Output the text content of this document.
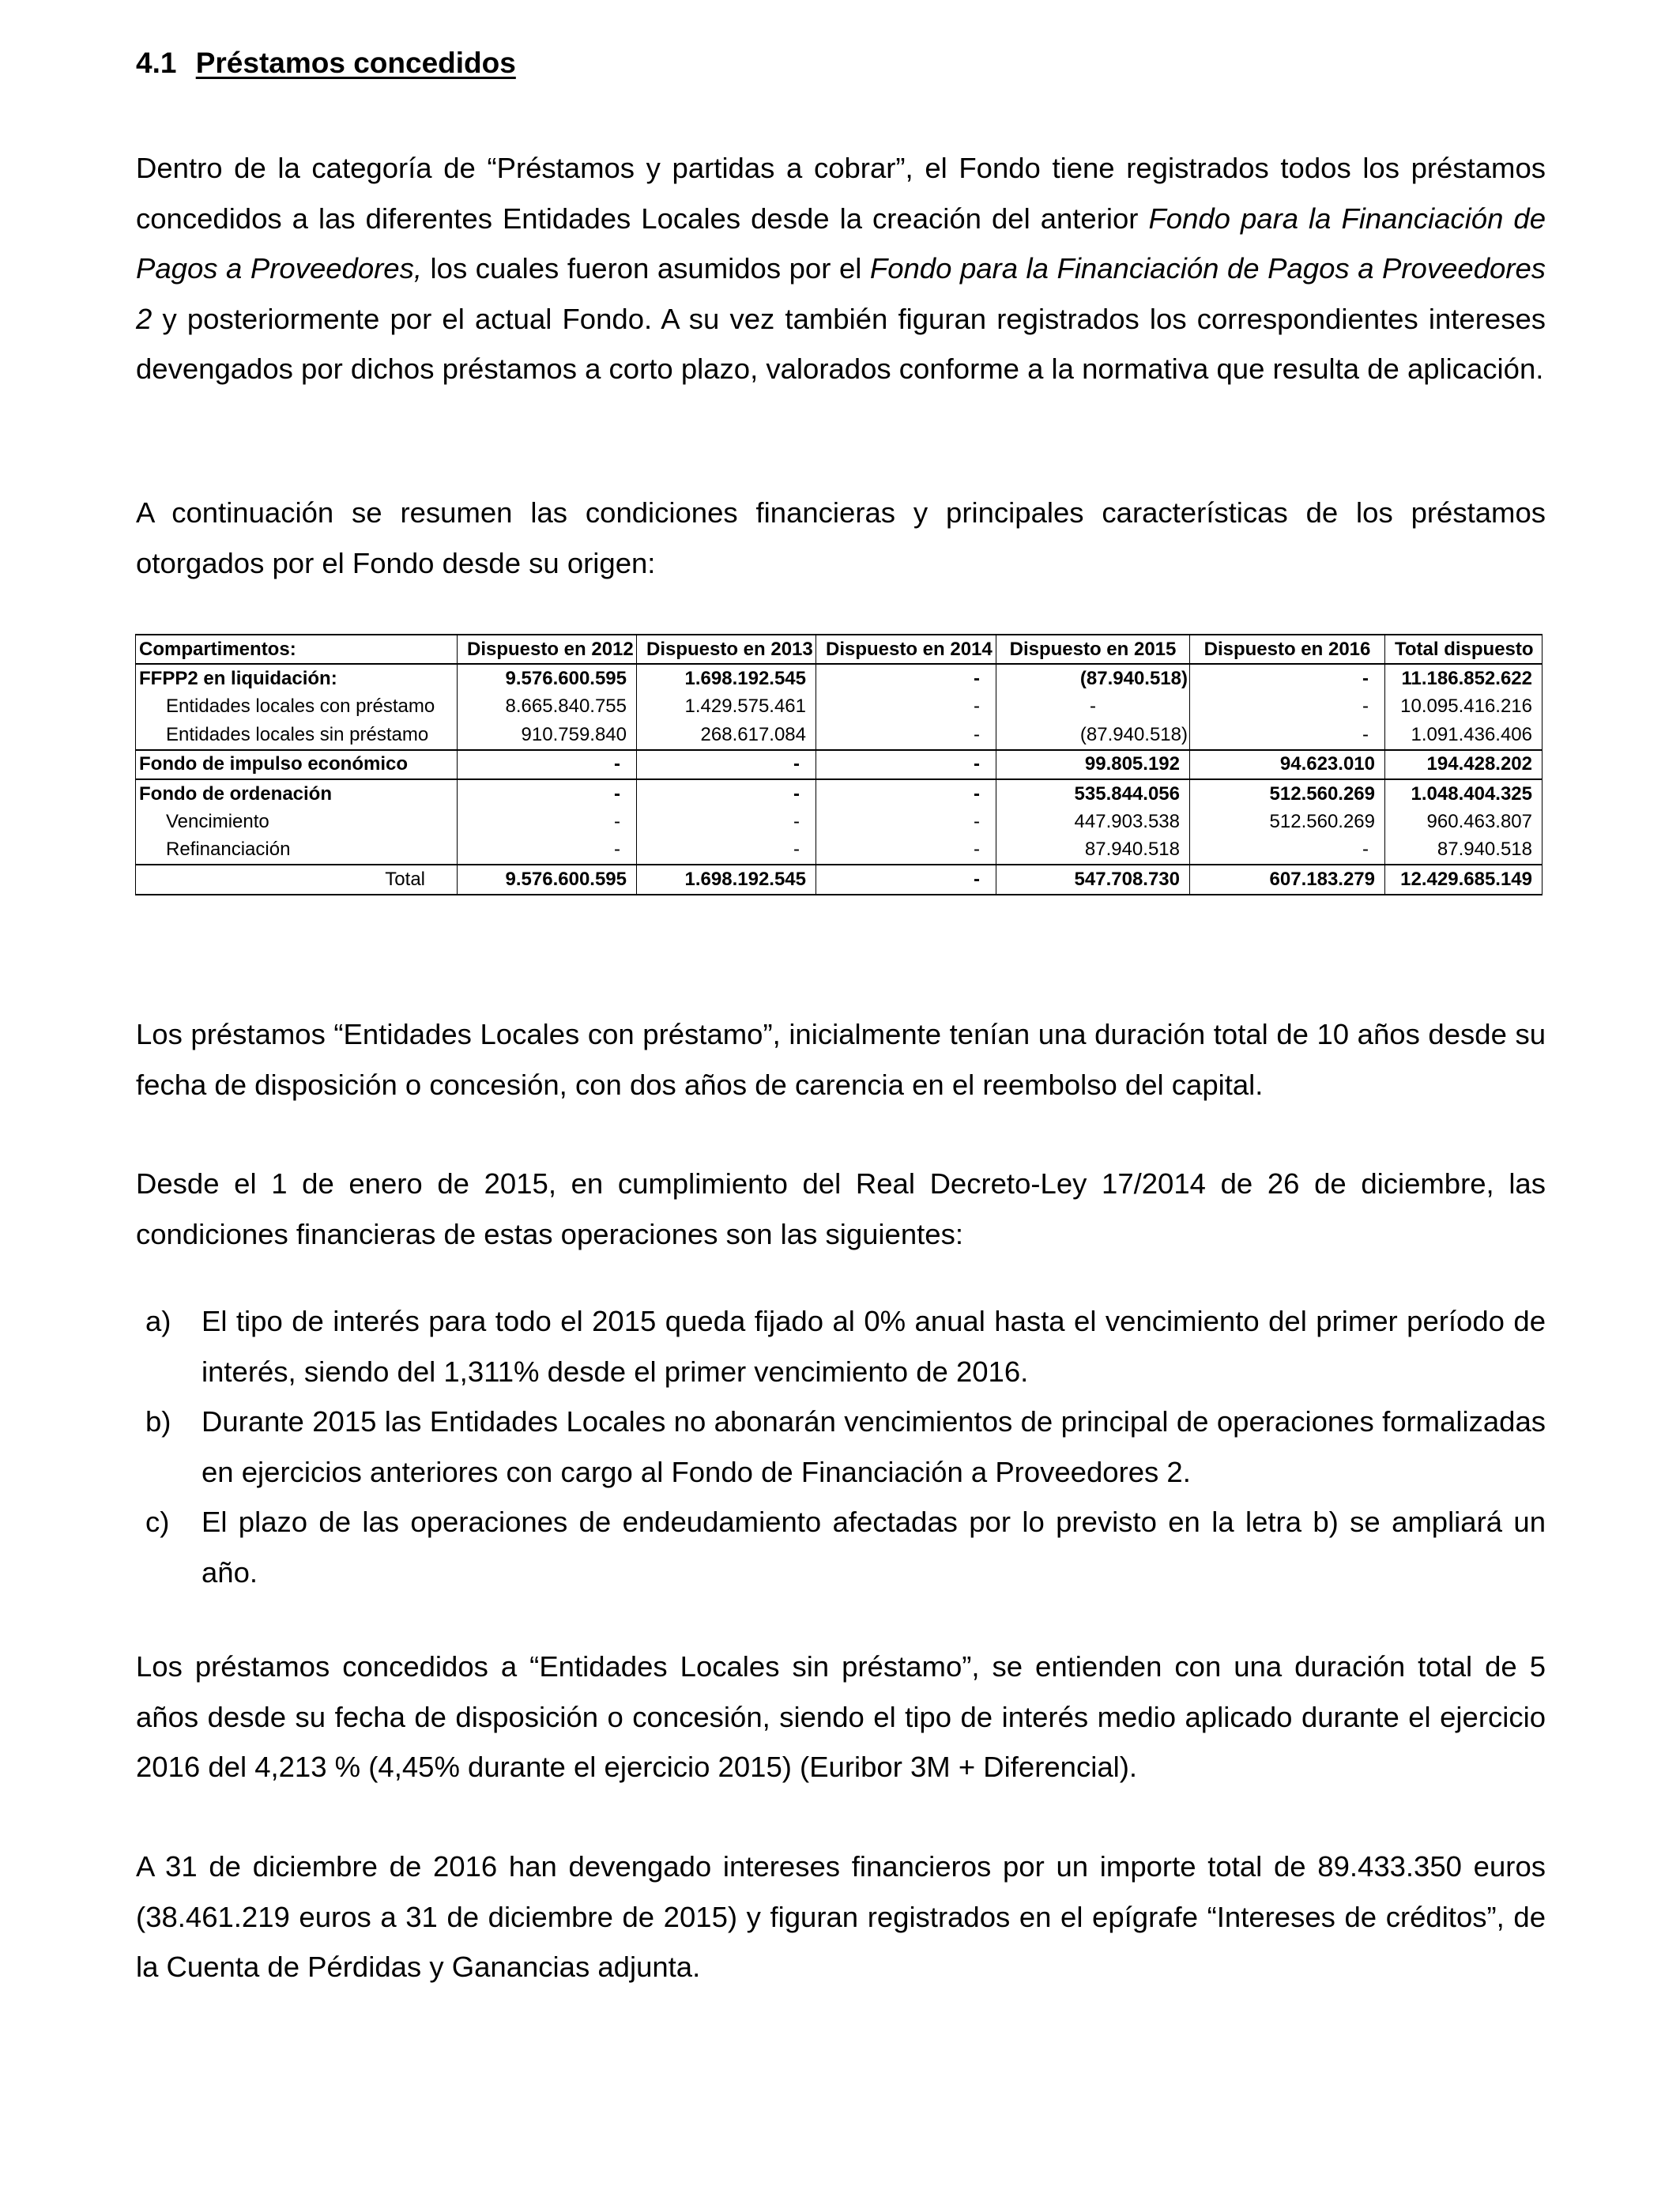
4.1 Préstamos concedidos

Dentro de la categoría de “Préstamos y partidas a cobrar”, el Fondo tiene registrados todos los préstamos concedidos a las diferentes Entidades Locales desde la creación del anterior Fondo para la Financiación de Pagos a Proveedores, los cuales fueron asumidos por el Fondo para la Financiación de Pagos a Proveedores 2 y posteriormente por el actual Fondo. A su vez también figuran registrados los correspondientes intereses devengados por dichos préstamos a corto plazo, valorados conforme a la normativa que resulta de aplicación.

A continuación se resumen las condiciones financieras y principales características de los préstamos otorgados por el Fondo desde su origen:

Compartimentos:	Dispuesto en 2012	Dispuesto en 2013	Dispuesto en 2014	Dispuesto en 2015	Dispuesto en 2016	Total dispuesto
FFPP2 en liquidación:	9.576.600.595	1.698.192.545	-	(87.940.518)	-	11.186.852.622
Entidades locales con préstamo	8.665.840.755	1.429.575.461	-	-	-	10.095.416.216
Entidades locales sin préstamo	910.759.840	268.617.084	-	(87.940.518)	-	1.091.436.406
Fondo de impulso económico	-	-	-	99.805.192	94.623.010	194.428.202
Fondo de ordenación	-	-	-	535.844.056	512.560.269	1.048.404.325
Vencimiento	-	-	-	447.903.538	512.560.269	960.463.807
Refinanciación	-	-	-	87.940.518	-	87.940.518
Total	9.576.600.595	1.698.192.545	-	547.708.730	607.183.279	12.429.685.149

Los préstamos “Entidades Locales con préstamo”, inicialmente tenían una duración total de 10 años desde su fecha de disposición o concesión, con dos años de carencia en el reembolso del capital.

Desde el 1 de enero de 2015, en cumplimiento del Real Decreto-Ley 17/2014 de 26 de diciembre, las condiciones financieras de estas operaciones son las siguientes:

a) El tipo de interés para todo el 2015 queda fijado al 0% anual hasta el vencimiento del primer período de interés, siendo del 1,311% desde el primer vencimiento de 2016.
b) Durante 2015 las Entidades Locales no abonarán vencimientos de principal de operaciones formalizadas en ejercicios anteriores con cargo al Fondo de Financiación a Proveedores 2.
c) El plazo de las operaciones de endeudamiento afectadas por lo previsto en la letra b) se ampliará un año.

Los préstamos concedidos a “Entidades Locales sin préstamo”, se entienden con una duración total de 5 años desde su fecha de disposición o concesión, siendo el tipo de interés medio aplicado durante el ejercicio 2016 del 4,213 % (4,45% durante el ejercicio 2015) (Euribor 3M + Diferencial).

A 31 de diciembre de 2016 han devengado intereses financieros por un importe total de 89.433.350 euros (38.461.219 euros a 31 de diciembre de 2015) y figuran registrados en el epígrafe “Intereses de créditos”, de la Cuenta de Pérdidas y Ganancias adjunta.
